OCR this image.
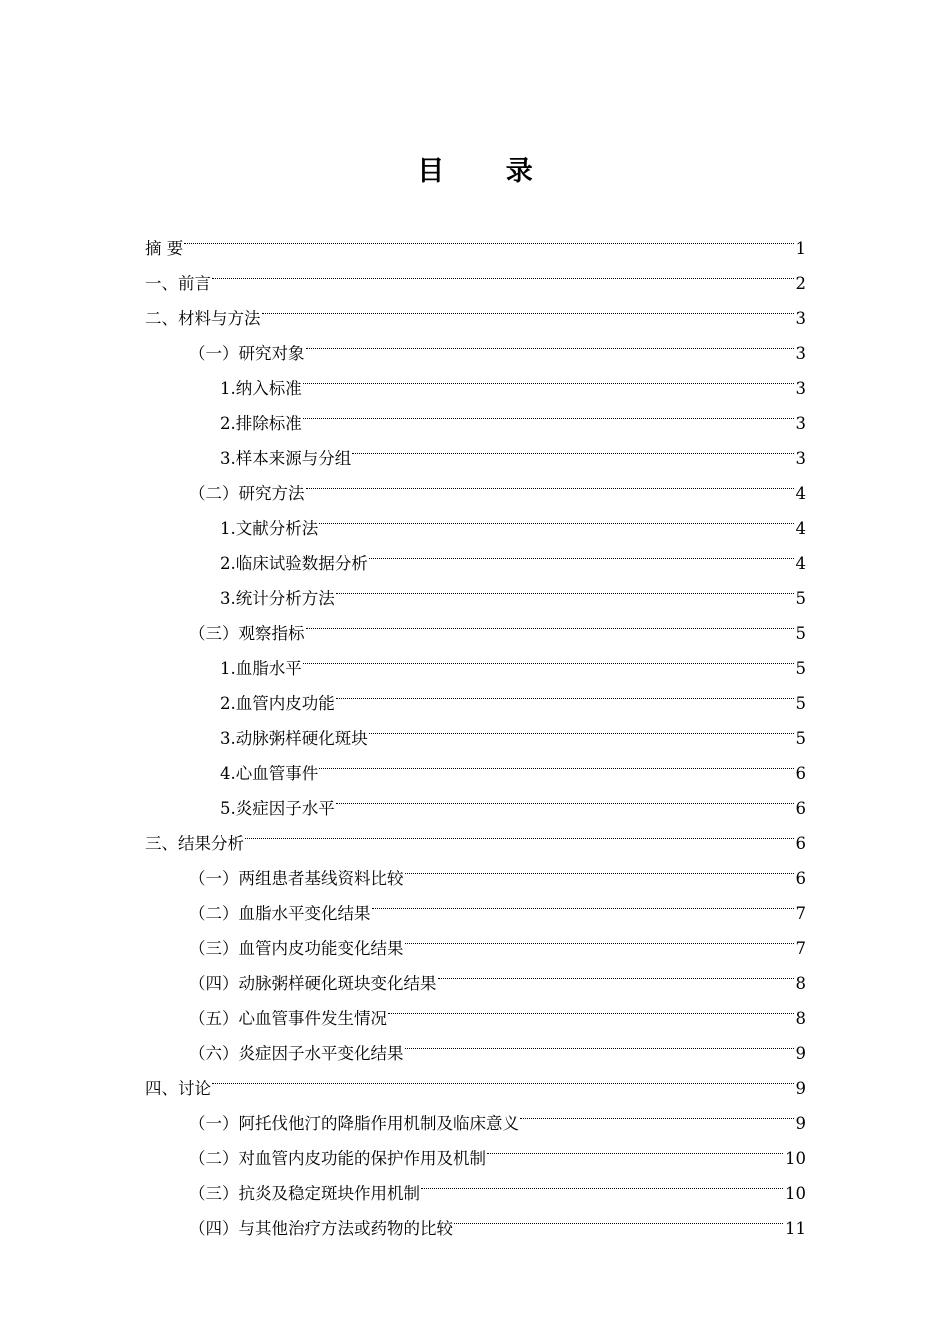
目 录
摘 要	1
一、前言	2
二、材料与方法	3
（一）研究对象	3
1.纳入标准	3
2.排除标准	3
3.样本来源与分组	3
（二）研究方法	4
1.文献分析法	4
2.临床试验数据分析	4
3.统计分析方法	5
（三）观察指标	5
1.血脂水平	5
2.血管内皮功能	5
3.动脉粥样硬化斑块	5
4.心血管事件	6
5.炎症因子水平	6
三、结果分析	6
（一）两组患者基线资料比较	6
（二）血脂水平变化结果	7
（三）血管内皮功能变化结果	7
（四）动脉粥样硬化斑块变化结果	8
（五）心血管事件发生情况	8
（六）炎症因子水平变化结果	9
四、讨论	9
（一）阿托伐他汀的降脂作用机制及临床意义	9
（二）对血管内皮功能的保护作用及机制	10
（三）抗炎及稳定斑块作用机制	10
（四）与其他治疗方法或药物的比较	11
